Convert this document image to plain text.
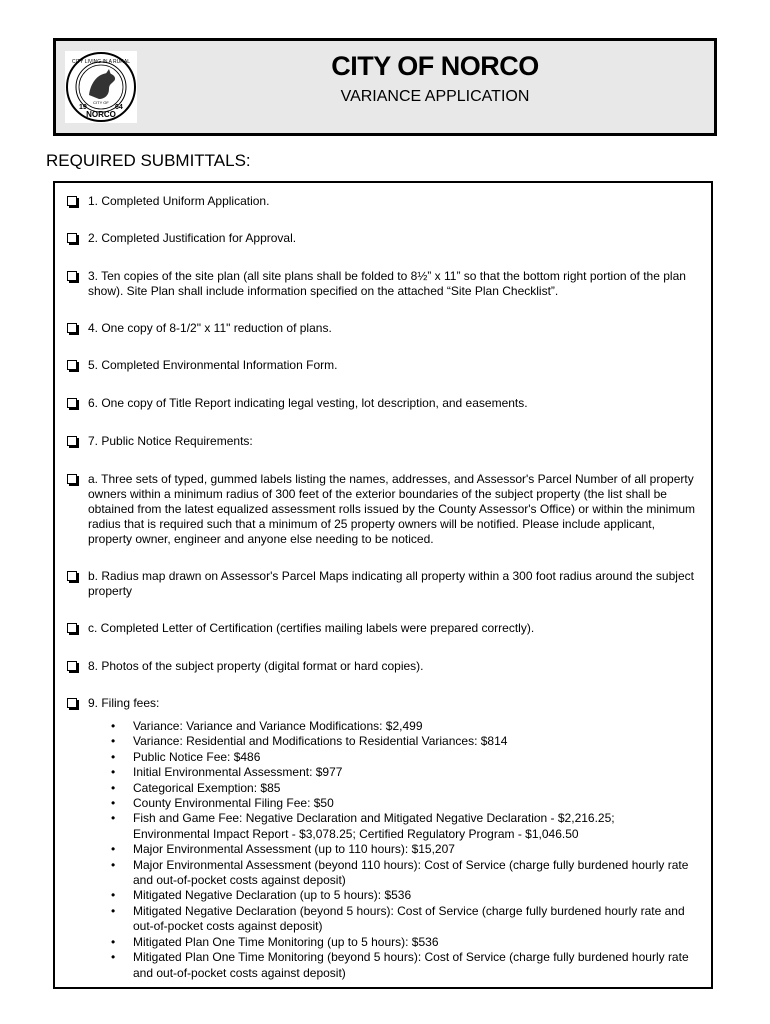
CITY LIVING IN A RURAL
19	64
NORCO
CITY OF
CITY OF NORCO
VARIANCE APPLICATION
REQUIRED SUBMITTALS:
1. Completed Uniform Application.
2. Completed Justification for Approval.
3. Ten copies of the site plan (all site plans shall be folded to 8½” x 11” so that the bottom right portion of the plan show). Site Plan shall include information specified on the attached “Site Plan Checklist”.
4. One copy of 8-1/2" x 11" reduction of plans.
5. Completed Environmental Information Form.
6. One copy of Title Report indicating legal vesting, lot description, and easements.
7. Public Notice Requirements:
a. Three sets of typed, gummed labels listing the names, addresses, and Assessor's Parcel Number of all property owners within a minimum radius of 300 feet of the exterior boundaries of the subject property (the list shall be obtained from the latest equalized assessment rolls issued by the County Assessor's Office) or within the minimum radius that is required such that a minimum of 25 property owners will be notified. Please include applicant, property owner, engineer and anyone else needing to be noticed.
b. Radius map drawn on Assessor's Parcel Maps indicating all property within a 300 foot radius around the subject property
c. Completed Letter of Certification (certifies mailing labels were prepared correctly).
8. Photos of the subject property (digital format or hard copies).
9. Filing fees:
• Variance: Variance and Variance Modifications: $2,499
• Variance: Residential and Modifications to Residential Variances: $814
• Public Notice Fee: $486
• Initial Environmental Assessment: $977
• Categorical Exemption: $85
• County Environmental Filing Fee: $50
• Fish and Game Fee: Negative Declaration and Mitigated Negative Declaration - $2,216.25; Environmental Impact Report - $3,078.25; Certified Regulatory Program - $1,046.50
• Major Environmental Assessment (up to 110 hours): $15,207
• Major Environmental Assessment (beyond 110 hours): Cost of Service (charge fully burdened hourly rate and out-of-pocket costs against deposit)
• Mitigated Negative Declaration (up to 5 hours): $536
• Mitigated Negative Declaration (beyond 5 hours): Cost of Service (charge fully burdened hourly rate and out-of-pocket costs against deposit)
• Mitigated Plan One Time Monitoring (up to 5 hours): $536
• Mitigated Plan One Time Monitoring (beyond 5 hours): Cost of Service (charge fully burdened hourly rate and out-of-pocket costs against deposit)
